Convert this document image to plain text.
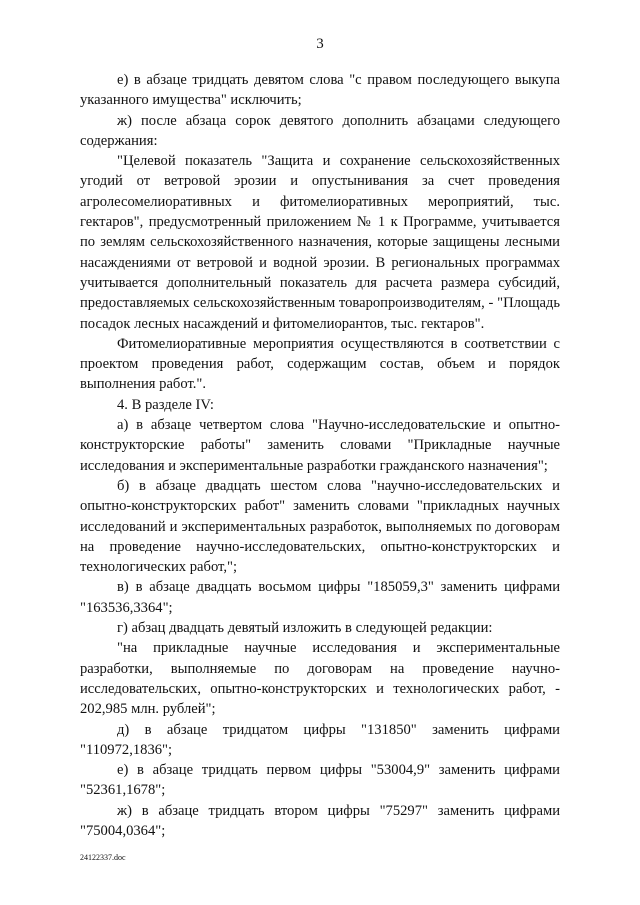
3

е) в абзаце тридцать девятом слова "с правом последующего выкупа указанного имущества" исключить;

ж) после абзаца сорок девятого дополнить абзацами следующего содержания:

"Целевой показатель "Защита и сохранение сельскохозяйственных угодий от ветровой эрозии и опустынивания за счет проведения агролесомелиоративных и фитомелиоративных мероприятий, тыс. гектаров", предусмотренный приложением № 1 к Программе, учитывается по землям сельскохозяйственного назначения, которые защищены лесными насаждениями от ветровой и водной эрозии. В региональных программах учитывается дополнительный показатель для расчета размера субсидий, предоставляемых сельскохозяйственным товаропроизводителям, - "Площадь посадок лесных насаждений и фитомелиорантов, тыс. гектаров".

Фитомелиоративные мероприятия осуществляются в соответствии с проектом проведения работ, содержащим состав, объем и порядок выполнения работ.".

4. В разделе IV:

а) в абзаце четвертом слова "Научно-исследовательские и опытно-конструкторские работы" заменить словами "Прикладные научные исследования и экспериментальные разработки гражданского назначения";

б) в абзаце двадцать шестом слова "научно-исследовательских и опытно-конструкторских работ" заменить словами "прикладных научных исследований и экспериментальных разработок, выполняемых по договорам на проведение научно-исследовательских, опытно-конструкторских и технологических работ,";

в) в абзаце двадцать восьмом цифры "185059,3" заменить цифрами "163536,3364";

г) абзац двадцать девятый изложить в следующей редакции:

"на прикладные научные исследования и экспериментальные разработки, выполняемые по договорам на проведение научно-исследовательских, опытно-конструкторских и технологических работ, - 202,985 млн. рублей";

д) в абзаце тридцатом цифры "131850" заменить цифрами "110972,1836";

е) в абзаце тридцать первом цифры "53004,9" заменить цифрами "52361,1678";

ж) в абзаце тридцать втором цифры "75297" заменить цифрами "75004,0364";

24122337.doc
